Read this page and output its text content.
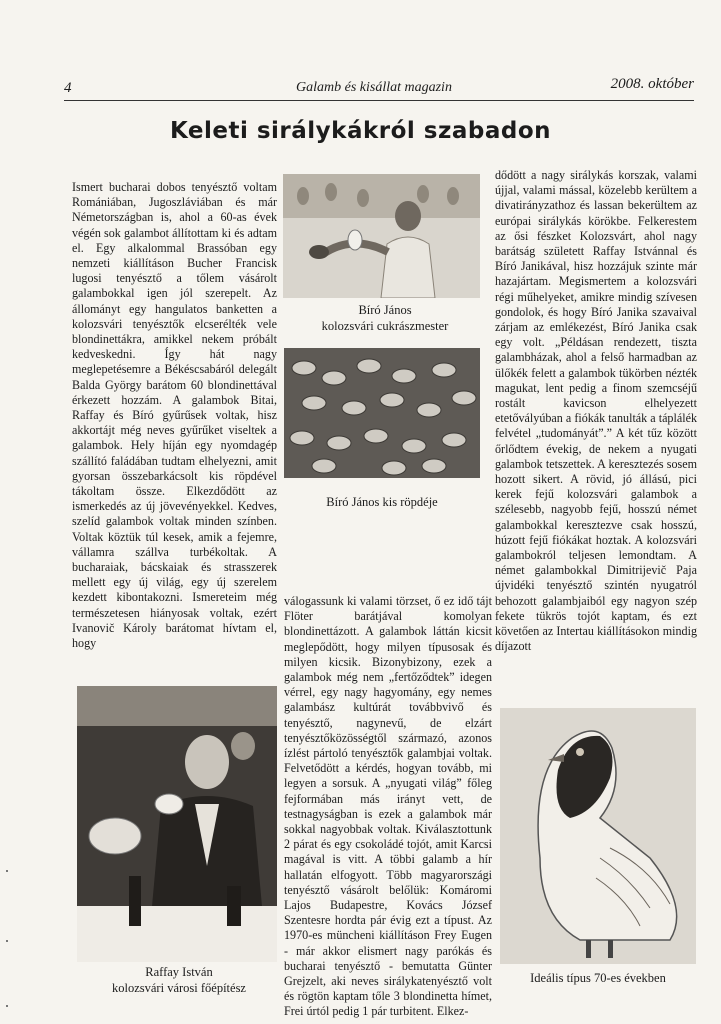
4	Galamb és kisállat magazin	2008. október
Keleti sirálykákról szabadon
Bíró János
kolozsvári cukrászmester
Bíró János kis röpdéje
Raffay István
kolozsvári városi főépítész
Ideális típus 70-es években

Ismert bucharai dobos tenyésztő voltam Romániában, Jugoszláviában és már Németországban is, ahol a 60-as évek végén sok galambot állítottam ki és adtam el. Egy alkalommal Brassóban egy nemzeti kiállításon Bucher Francisk lugosi tenyésztő a tőlem vásárolt galambokkal igen jól szerepelt. Az állományt egy hangulatos banketten a kolozsvári tenyésztők elcserélték vele blondinettákra, amikkel nekem próbált kedveskedni. Így hát nagy meglepetésemre a Békéscsabáról delegált Balda György barátom 60 blondinettával érkezett hozzám. A galambok Bitai, Raffay és Bíró gyűrűsek voltak, hisz akkortájt még neves gyűrűket viseltek a galambok. Hely híján egy nyomdagép szállító faládában tudtam elhelyezni, amit gyorsan összebarkácsolt kis röpdével tákoltam össze. Elkezdődött az ismerkedés az új jövevényekkel. Kedves, szelíd galambok voltak minden színben. Voltak köztük túl kesek, amik a fejemre, vállamra szállva turbékoltak. A bucharaiak, bácskaiak és strasszerek mellett egy új világ, egy új szerelem kezdett kibontakozni. Ismereteim még természetesen hiányosak voltak, ezért Ivanovič Károly barátomat hívtam el, hogy

válogassunk ki valami törzset, ő ez idő tájt Flöter barátjával komolyan blondinettázott. A galambok láttán kicsit meglepődött, hogy milyen típusosak és milyen kicsik. Bizonybizony, ezek a galambok még nem „fertőződtek” idegen vérrel, egy nagy hagyomány, egy nemes galambász kultúrát továbbvivő és tenyésztő, nagynevű, de elzárt tenyésztőközösségtől származó, azonos ízlést pártoló tenyésztők galambjai voltak. Felvetődött a kérdés, hogyan tovább, mi legyen a sorsuk. A „nyugati világ” főleg fejformában más irányt vett, de testnagyságban is ezek a galambok már sokkal nagyobbak voltak. Kiválasztottunk 2 párat és egy csokoládé tojót, amit Karcsi magával is vitt. A többi galamb a hír hallatán elfogyott. Több magyarországi tenyésztő vásárolt belőlük: Komáromi Lajos Budapestre, Kovács József Szentesre hordta pár évig ezt a típust. Az 1970-es müncheni kiállításon Frey Eugen - már akkor elismert nagy parókás és bucharai tenyésztő - bemutatta Günter Grejzelt, aki neves sirálykatenyésztő volt és rögtön kaptam tőle 3 blondinetta hímet, Frei úrtól pedig 1 pár turbitent. Elkez-

dődött a nagy sirálykás korszak, valami újjal, valami mással, közelebb kerültem a divatirányzathoz és lassan bekerültem az európai sirálykás körökbe. Felkerestem az ősi fészket Kolozsvárt, ahol nagy barátság született Raffay Istvánnal és Bíró Janikával, hisz hozzájuk szinte már hazajártam. Megismertem a kolozsvári régi műhelyeket, amikre mindig szívesen gondolok, és hogy Bíró Janika szavaival zárjam az emlékezést, Bíró Janika csak egy volt. „Példásan rendezett, tiszta galambházak, ahol a felső harmadban az ülőkék felett a galambok tükörben nézték magukat, lent pedig a finom szemcséjű rostált kavicson elhelyezett etetővályúban a fiókák tanulták a táplálék felvétel „tudományát”.” A két tűz között őrlődtem évekig, de nekem a nyugati galambok tetszettek. A keresztezés sosem hozott sikert. A rövid, jó állású, pici kerek fejű kolozsvári galambok a szélesebb, nagyobb fejű, hosszú német galambokkal keresztezve csak hosszú, húzott fejű fiókákat hoztak. A kolozsvári galambokról teljesen lemondtam. A német galambokkal Dimitrijevič Paja újvidéki tenyésztő szintén nyugatról behozott galambjaiból egy nagyon szép fekete tükrös tojót kaptam, és ezt követően az Intertau kiállításokon mindig díjazott
